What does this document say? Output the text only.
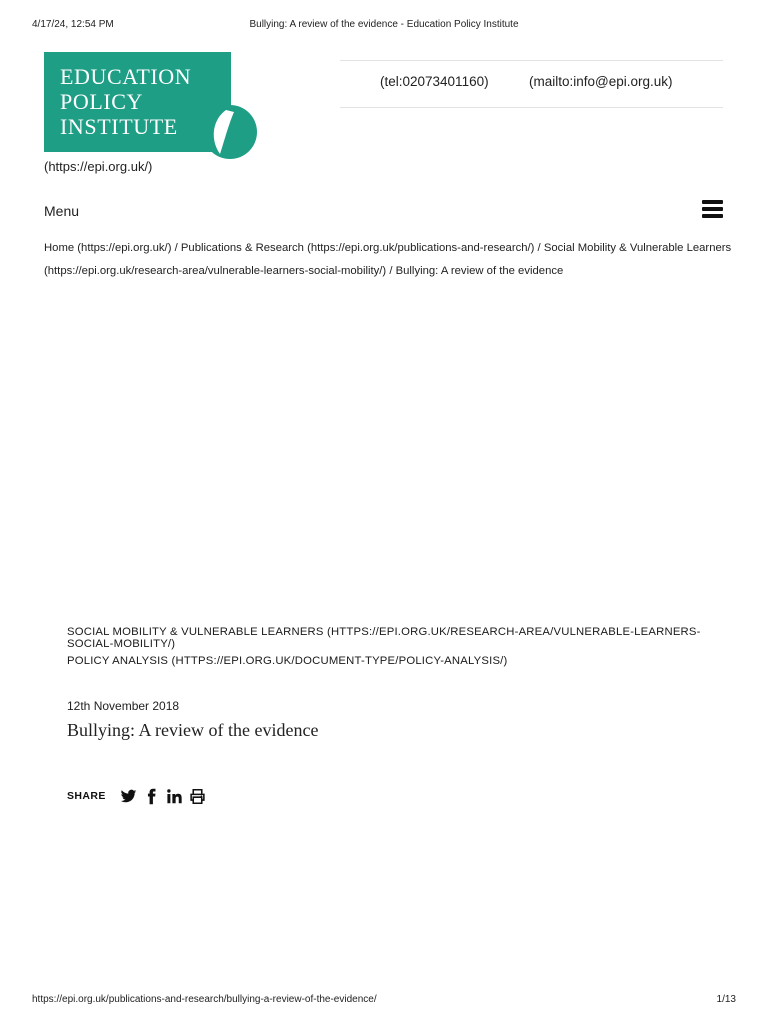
4/17/24, 12:54 PM	Bullying: A review of the evidence - Education Policy Institute
EDUCATION
POLICY
INSTITUTE
(https://epi.org.uk/)
(tel:02073401160)	(mailto:info@epi.org.uk)
Menu
Home (https://epi.org.uk/) / Publications & Research (https://epi.org.uk/publications-and-research/) / Social Mobility & Vulnerable Learners (https://epi.org.uk/research-area/vulnerable-learners-social-mobility/) / Bullying: A review of the evidence
SOCIAL MOBILITY & VULNERABLE LEARNERS (HTTPS://EPI.ORG.UK/RESEARCH-AREA/VULNERABLE-LEARNERS-SOCIAL-MOBILITY/)
POLICY ANALYSIS (HTTPS://EPI.ORG.UK/DOCUMENT-TYPE/POLICY-ANALYSIS/)
12th November 2018
Bullying: A review of the evidence
SHARE
https://epi.org.uk/publications-and-research/bullying-a-review-of-the-evidence/	1/13
